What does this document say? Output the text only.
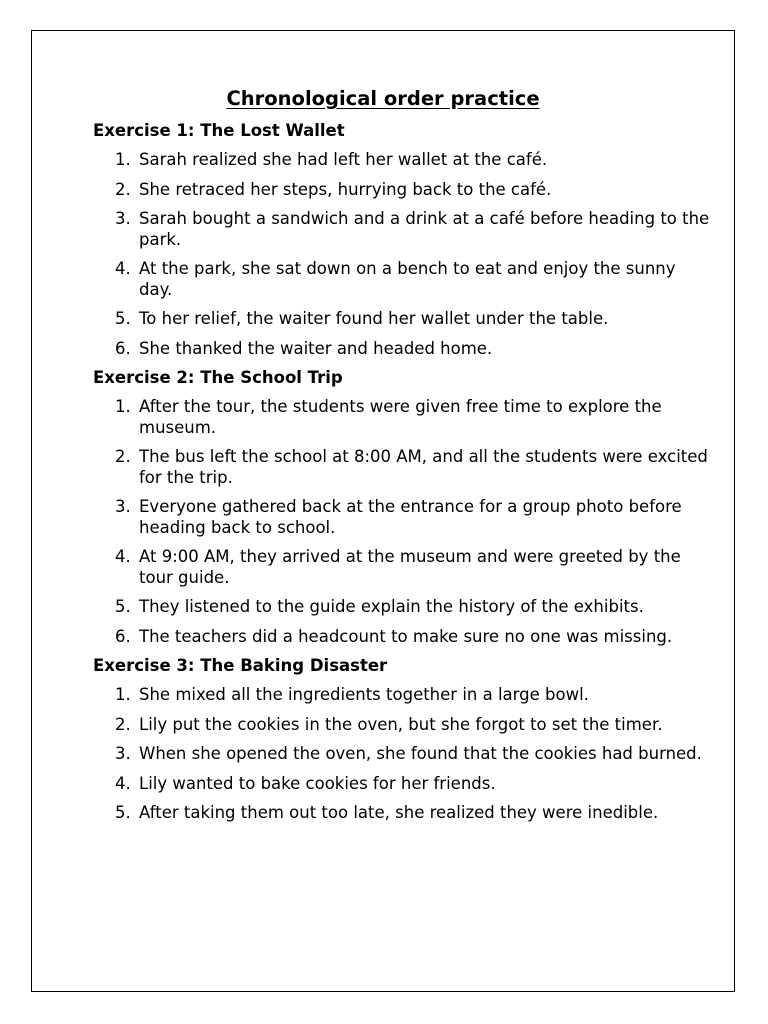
Chronological order practice
Exercise 1: The Lost Wallet
1. Sarah realized she had left her wallet at the café.
2. She retraced her steps, hurrying back to the café.
3. Sarah bought a sandwich and a drink at a café before heading to the park.
4. At the park, she sat down on a bench to eat and enjoy the sunny day.
5. To her relief, the waiter found her wallet under the table.
6. She thanked the waiter and headed home.
Exercise 2: The School Trip
1. After the tour, the students were given free time to explore the museum.
2. The bus left the school at 8:00 AM, and all the students were excited for the trip.
3. Everyone gathered back at the entrance for a group photo before heading back to school.
4. At 9:00 AM, they arrived at the museum and were greeted by the tour guide.
5. They listened to the guide explain the history of the exhibits.
6. The teachers did a headcount to make sure no one was missing.
Exercise 3: The Baking Disaster
1. She mixed all the ingredients together in a large bowl.
2. Lily put the cookies in the oven, but she forgot to set the timer.
3. When she opened the oven, she found that the cookies had burned.
4. Lily wanted to bake cookies for her friends.
5. After taking them out too late, she realized they were inedible.
